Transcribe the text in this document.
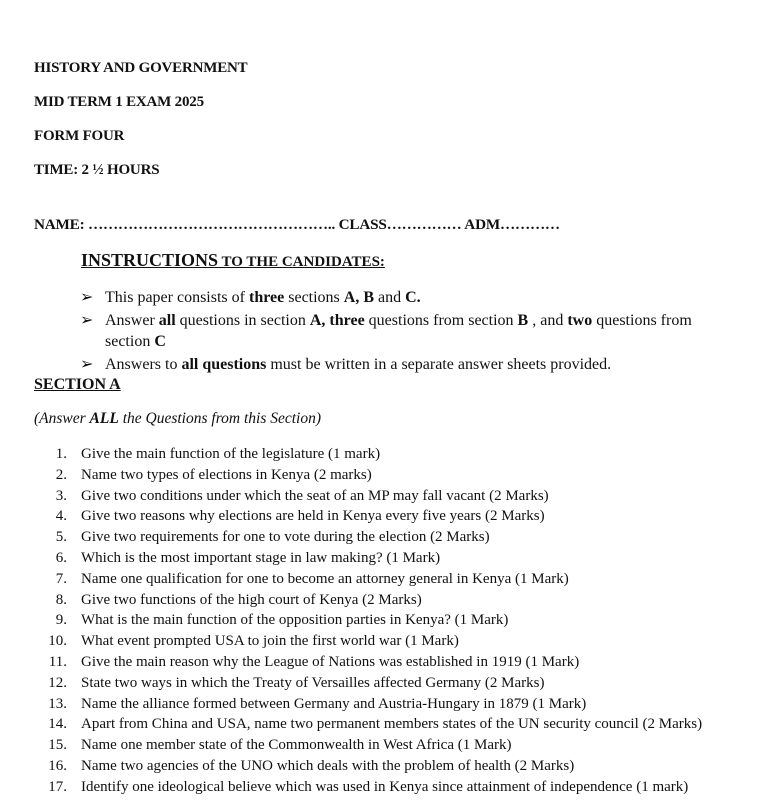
HISTORY AND GOVERNMENT
MID TERM 1 EXAM 2025
FORM FOUR
TIME: 2 ½ HOURS
NAME: ………………………………………….. CLASS…………… ADM…………
INSTRUCTIONS TO THE CANDIDATES:
➢ This paper consists of three sections A, B and C.
➢ Answer all questions in section A, three questions from section B , and two questions from section C
➢ Answers to all questions must be written in a separate answer sheets provided.
SECTION A
(Answer ALL the Questions from this Section)
1. Give the main function of the legislature (1 mark)
2. Name two types of elections in Kenya (2 marks)
3. Give two conditions under which the seat of an MP may fall vacant (2 Marks)
4. Give two reasons why elections are held in Kenya every five years (2 Marks)
5. Give two requirements for one to vote during the election (2 Marks)
6. Which is the most important stage in law making? (1 Mark)
7. Name one qualification for one to become an attorney general in Kenya (1 Mark)
8. Give two functions of the high court of Kenya (2 Marks)
9. What is the main function of the opposition parties in Kenya? (1 Mark)
10. What event prompted USA to join the first world war (1 Mark)
11. Give the main reason why the League of Nations was established in 1919 (1 Mark)
12. State two ways in which the Treaty of Versailles affected Germany (2 Marks)
13. Name the alliance formed between Germany and Austria-Hungary in 1879 (1 Mark)
14. Apart from China and USA, name two permanent members states of the UN security council (2 Marks)
15. Name one member state of the Commonwealth in West Africa (1 Mark)
16. Name two agencies of the UNO which deals with the problem of health (2 Marks)
17. Identify one ideological believe which was used in Kenya since attainment of independence (1 mark)
